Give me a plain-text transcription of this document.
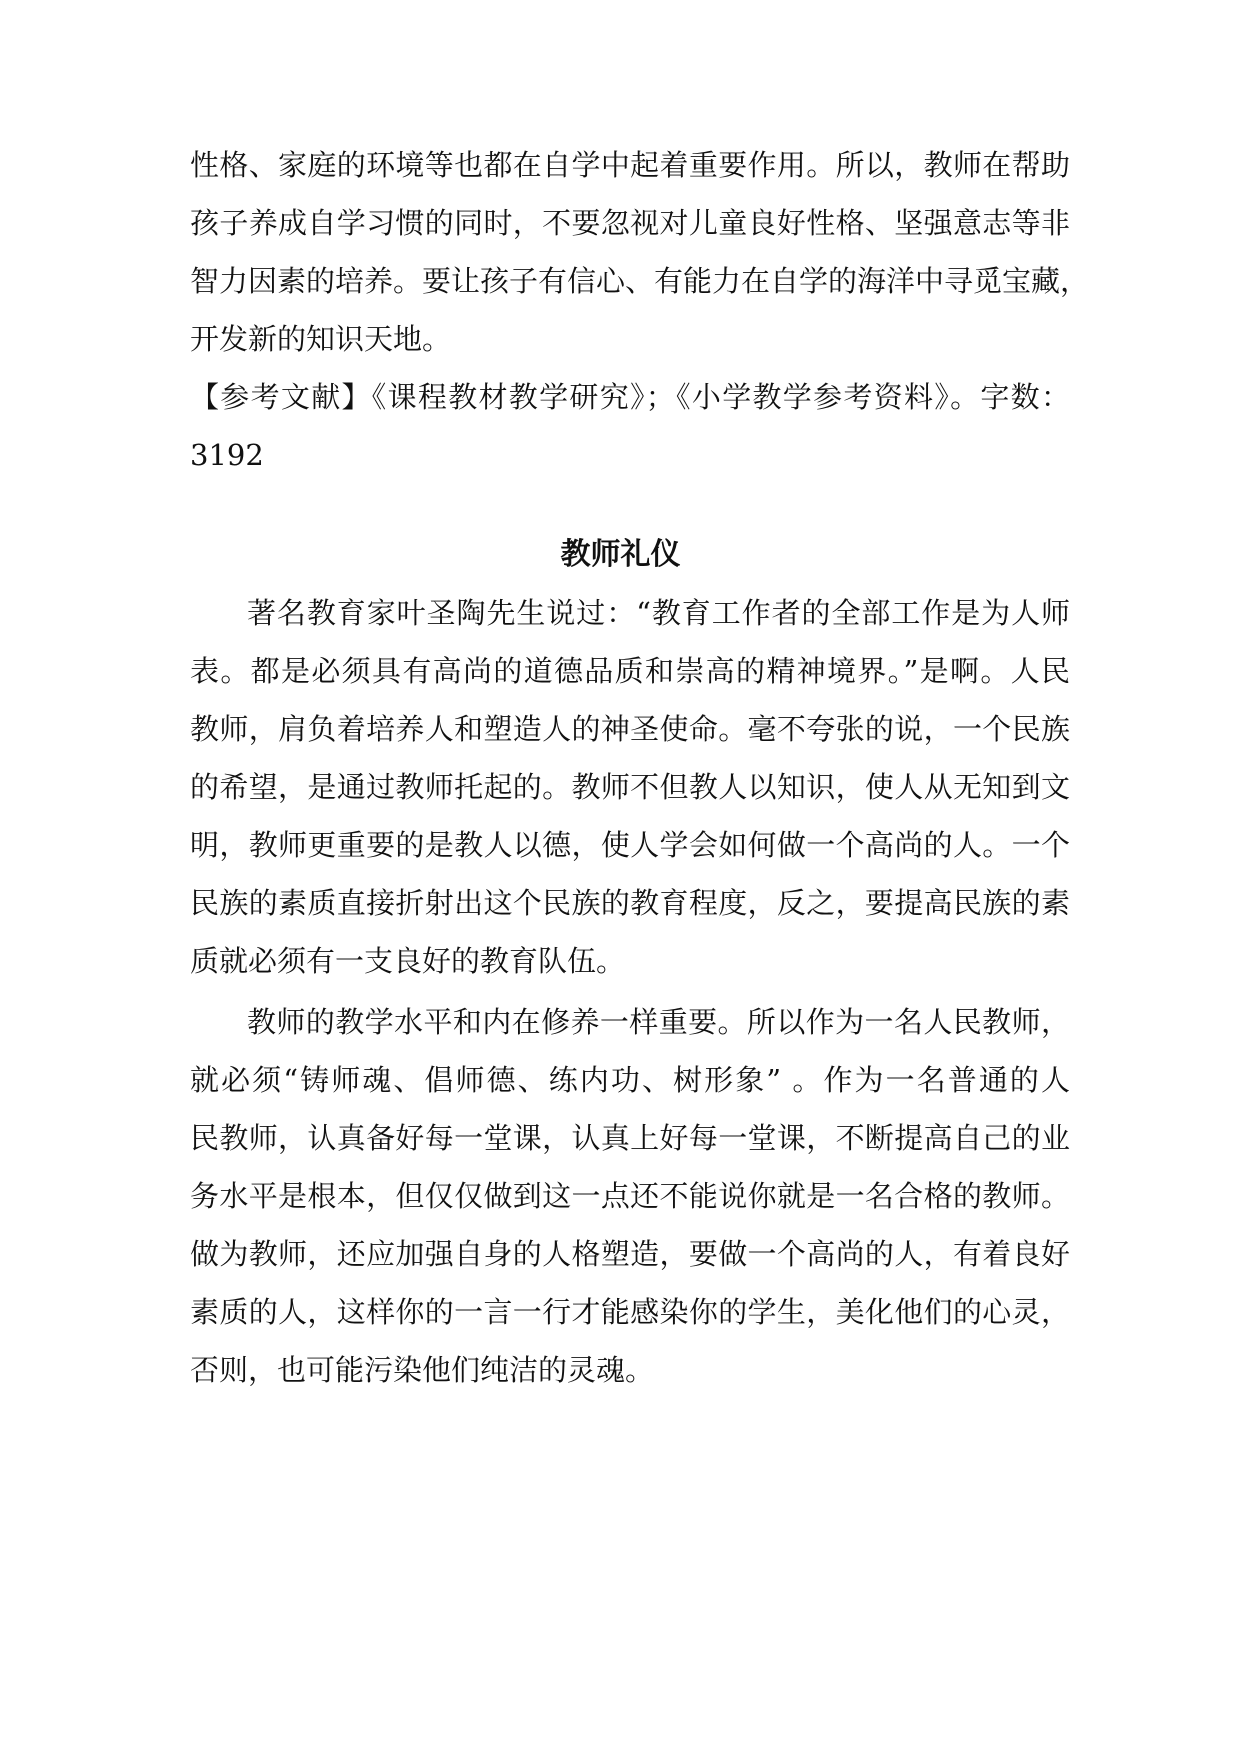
性格、家庭的环境等也都在自学中起着重要作用。所以，教师在帮助
孩子养成自学习惯的同时，不要忽视对儿童良好性格、坚强意志等非
智力因素的培养。要让孩子有信心、有能力在自学的海洋中寻觅宝藏，
开发新的知识天地。
【参考文献】《课程教材教学研究》；《小学教学参考资料》。字数：
3192
教师礼仪
著名教育家叶圣陶先生说过：“教育工作者的全部工作是为人师
表。都是必须具有高尚的道德品质和崇高的精神境界。”是啊。人民
教师，肩负着培养人和塑造人的神圣使命。毫不夸张的说，一个民族
的希望，是通过教师托起的。教师不但教人以知识，使人从无知到文
明，教师更重要的是教人以德，使人学会如何做一个高尚的人。一个
民族的素质直接折射出这个民族的教育程度，反之，要提高民族的素
质就必须有一支良好的教育队伍。
教师的教学水平和内在修养一样重要。所以作为一名人民教师，
就必须“铸师魂、倡师德、练内功、树形象” 。作为一名普通的人
民教师，认真备好每一堂课，认真上好每一堂课，不断提高自己的业
务水平是根本，但仅仅做到这一点还不能说你就是一名合格的教师。
做为教师，还应加强自身的人格塑造，要做一个高尚的人，有着良好
素质的人，这样你的一言一行才能感染你的学生，美化他们的心灵，
否则，也可能污染他们纯洁的灵魂。
